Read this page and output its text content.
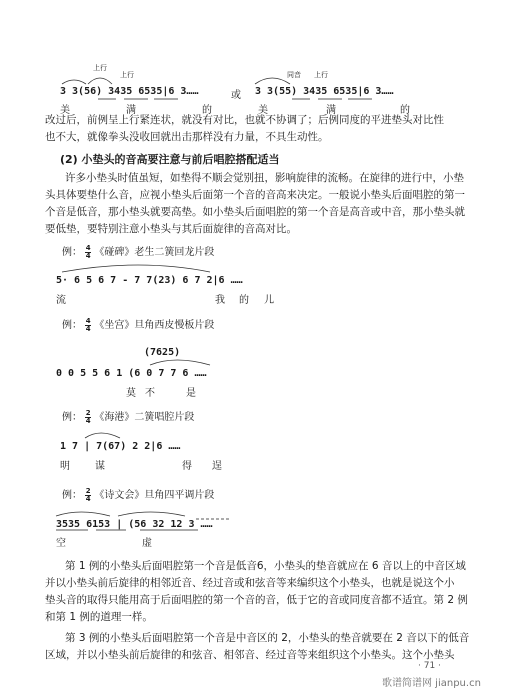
上行
上行	同音 上行
3 3(56) 3435 6535|6 3……	或 3 3(55) 3435 6535|6 3……
美	满	的	美	满	的
改过后，前例呈上行紧连状，就没有对比，也就不协调了；后例同度的平进垫头对比性
也不大，就像拳头没收回就出击那样没有力量，不具生动性。
(2) 小垫头的音高要注意与前后唱腔搭配适当
许多小垫头时值虽短，如垫得不顺会觉别扭，影响旋律的流畅。在旋律的进行中，小垫
头具体要垫什么音，应视小垫头后面第一个音的音高来决定。一般说小垫头后面唱腔的第一
个音是低音，那小垫头就要高垫。如小垫头后面唱腔的第一个音是高音或中音，那小垫头就
要低垫，要特别注意小垫头与其后面旋律的音高对比。
例： $\frac{4}{4}$ 《碰碑》老生二簧回龙片段
5· 6 5 6 7 - 7 7(23) 6 7 2|6 ……
流	我 的 儿
例： $\frac{4}{4}$ 《坐宫》旦角西皮慢板片段
(7625)
0 0 5 5 6 1 (6 0 7 7 6 ……
莫 不	是
例： $\frac{2}{4}$ 《海港》二簧唱腔片段
1 7 | 7(67) 2 2|6 ……
明	谋	得 逞
例： $\frac{2}{4}$ 《诗文会》旦角四平调片段
3535 6153 | (56 32 12 3 ……
空	虚
第 1 例的小垫头后面唱腔第一个音是低音6，小垫头的垫音就应在 6 音以上的中音区域
并以小垫头前后旋律的相邻近音、经过音或和弦音等来编织这个小垫头，也就是说这个小
垫头音的取得只能用高于后面唱腔的第一个音的音，低于它的音或同度音都不适宜。第 2 例
和第 1 例的道理一样。
第 3 例的小垫头后面唱腔第一个音是中音区的 2，小垫头的垫音就要在 2 音以下的低音
区域，并以小垫头前后旋律的和弦音、相邻音、经过音等来组织这个小垫头。这个小垫头
· 71 ·
歌谱简谱网 jianpu.cn
